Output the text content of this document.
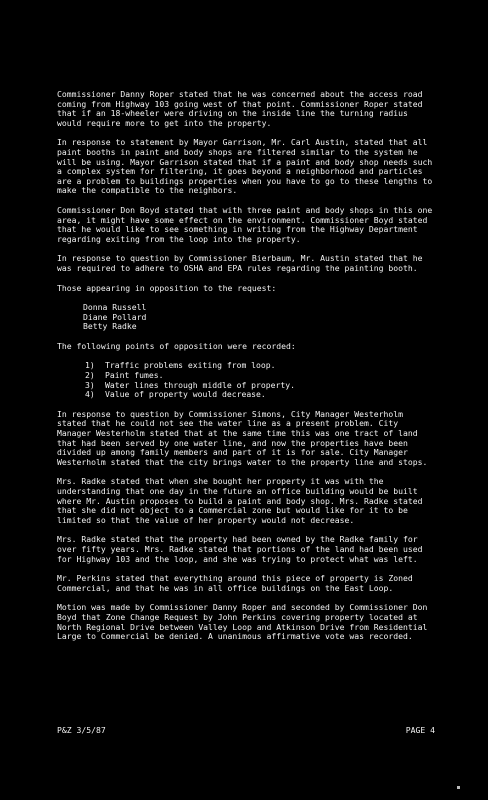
Commissioner Danny Roper stated that he was concerned about the access road coming from Highway 103 going west of that point. Commissioner Roper stated that if an 18-wheeler were driving on the inside line the turning radius would require more to get into the property.

In response to statement by Mayor Garrison, Mr. Carl Austin, stated that all paint booths in paint and body shops are filtered similar to the system he will be using. Mayor Garrison stated that if a paint and body shop needs such a complex system for filtering, it goes beyond a neighborhood and particles are a problem to buildings properties when you have to go to these lengths to make the compatible to the neighbors.

Commissioner Don Boyd stated that with three paint and body shops in this one area, it might have some effect on the environment. Commissioner Boyd stated that he would like to see something in writing from the Highway Department regarding exiting from the loop into the property.

In response to question by Commissioner Bierbaum, Mr. Austin stated that he was required to adhere to OSHA and EPA rules regarding the painting booth.

Those appearing in opposition to the request:

Donna Russell
Diane Pollard
Betty Radke

The following points of opposition were recorded:

1)	Traffic problems exiting from loop.
2)	Paint fumes.
3)	Water lines through middle of property.
4)	Value of property would decrease.

In response to question by Commissioner Simons, City Manager Westerholm stated that he could not see the water line as a present problem. City Manager Westerholm stated that at the same time this was one tract of land that had been served by one water line, and now the properties have been divided up among family members and part of it is for sale. City Manager Westerholm stated that the city brings water to the property line and stops.

Mrs. Radke stated that when she bought her property it was with the understanding that one day in the future an office building would be built where Mr. Austin proposes to build a paint and body shop. Mrs. Radke stated that she did not object to a Commercial zone but would like for it to be limited so that the value of her property would not decrease.

Mrs. Radke stated that the property had been owned by the Radke family for over fifty years. Mrs. Radke stated that portions of the land had been used for Highway 103 and the loop, and she was trying to protect what was left.

Mr. Perkins stated that everything around this piece of property is Zoned Commercial, and that he was in all office buildings on the East Loop.

Motion was made by Commissioner Danny Roper and seconded by Commissioner Don Boyd that Zone Change Request by John Perkins covering property located at North Regional Drive between Valley Loop and Atkinson Drive from Residential Large to Commercial be denied. A unanimous affirmative vote was recorded.

P&Z 3/5/87	PAGE 4
